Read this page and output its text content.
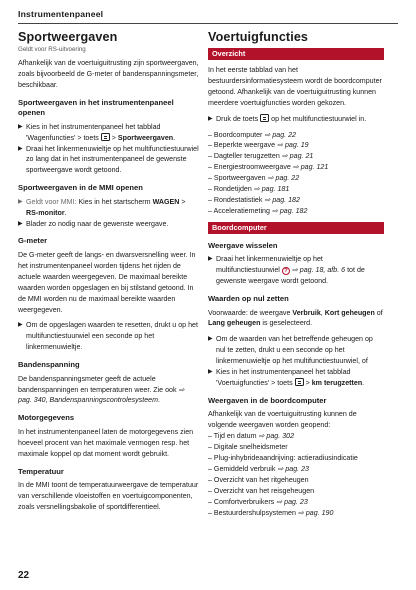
Instrumentenpaneel
Sportweergaven
Geldt voor RS-uitvoering

Afhankelijk van de voertuiguitrusting zijn sportweergaven, zoals bijvoorbeeld de G-meter of bandenspanningsmeter, beschikbaar.

Sportweergaven in het instrumentenpaneel openen
▶ Kies in het instrumentenpaneel het tabblad 'Wagenfuncties' > toets  > Sportweergaven.
▶ Draai het linkermenuwieltje op het multifunctiestuurwiel zo lang dat in het instrumentenpaneel de gewenste sportweergave wordt getoond.
Sportweergaven in de MMI openen
▶ Geldt voor MMI: Kies in het startscherm WAGEN > RS-monitor.
▶ Blader zo nodig naar de gewenste weergave.
G-meter

De G-meter geeft de langs- en dwarsversnelling weer. In het instrumentenpaneel worden tijdens het rijden de actuele waarden weergegeven. De maximaal bereikte waarden worden opgeslagen en bij stilstand getoond. In de MMI worden nu de maximaal bereikte waarden weergegeven.

▶ Om de opgeslagen waarden te resetten, drukt u op het multifunctiestuurwiel een seconde op het linkermenuwieltje.
Bandenspanning

De bandenspanningsmeter geeft de actuele bandenspanningen en temperaturen weer. Zie ook ⇨ pag. 340, Bandenspanningscontrolesysteem.

Motorgegevens

In het instrumentenpaneel laten de motorgegevens zien hoeveel procent van het maximale vermogen resp. het maximale koppel op dat moment wordt gebruikt.

Temperatuur

In de MMI toont de temperatuurweergave de temperatuur van verschillende vloeistoffen en voertuigcomponenten, zoals versnellingsbakolie of sportdifferentieel.

Voertuigfuncties
Overzicht

In het eerste tabblad van het bestuurdersinformatiesysteem wordt de boordcomputer getoond. Afhankelijk van de voertuiguitrusting kunnen meerdere voertuigfuncties worden gekozen.

▶ Druk de toets  op het multifunctiestuurwiel in.
– Boordcomputer ⇨ pag. 22
– Beperkte weergave ⇨ pag. 19
– Dagteller terugzetten ⇨ pag. 21
– Energiestroomweergave ⇨ pag. 121
– Sportweergaven ⇨ pag. 22
– Rondetijden ⇨ pag. 181
– Rondestatistiek ⇨ pag. 182
– Acceleratiemeting ⇨ pag. 182
Boordcomputer
Weergave wisselen
▶ Draai het linkermenuwieltje op het multifunctiestuurwiel ? ⇨ pag. 18, afb. 6 tot de gewenste weergave wordt getoond.
Waarden op nul zetten

Voorwaarde: de weergave Verbruik, Kort geheugen of Lang geheugen is geselecteerd.

▶ Om de waarden van het betreffende geheugen op nul te zetten, drukt u een seconde op het linkermenuwieltje op het multifunctiestuurwiel, of
▶ Kies in het instrumentenpaneel het tabblad 'Voertuigfuncties' > toets  > km terugzetten.
Weergaven in de boordcomputer

Afhankelijk van de voertuiguitrusting kunnen de volgende weergaven worden geopend:

– Tijd en datum ⇨ pag. 302
– Digitale snelheidsmeter
– Plug-inhybrideaandrijving: actieradiusindicatie
– Gemiddeld verbruik ⇨ pag. 23
– Overzicht van het ritgeheugen
– Overzicht van het reisgeheugen
– Comfortverbruikers ⇨ pag. 23
– Bestuurdershulpsystemen ⇨ pag. 190
22
